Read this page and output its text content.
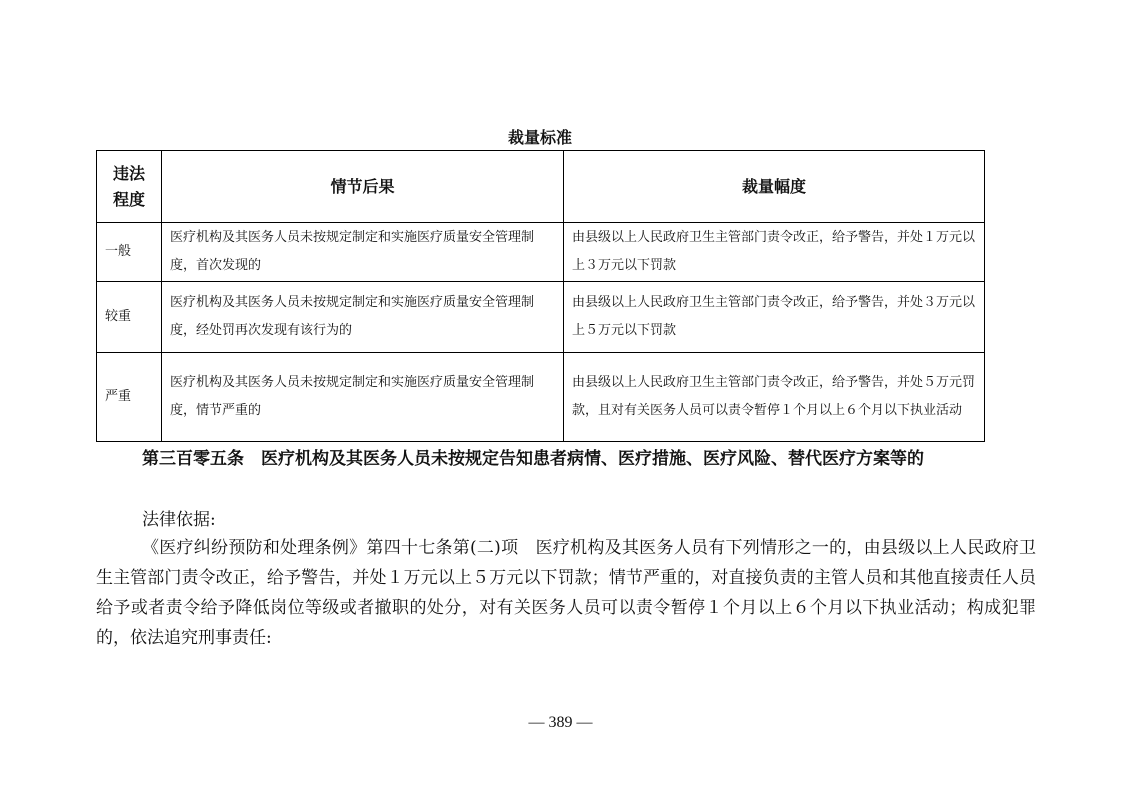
裁量标准
违法
程度	情节后果	裁量幅度
一般	医疗机构及其医务人员未按规定制定和实施医疗质量安全管理制度，首次发现的	由县级以上人民政府卫生主管部门责令改正，给予警告，并处１万元以上３万元以下罚款
较重	医疗机构及其医务人员未按规定制定和实施医疗质量安全管理制度，经处罚再次发现有该行为的	由县级以上人民政府卫生主管部门责令改正，给予警告，并处３万元以上５万元以下罚款
严重	医疗机构及其医务人员未按规定制定和实施医疗质量安全管理制度，情节严重的	由县级以上人民政府卫生主管部门责令改正，给予警告，并处５万元罚款，且对有关医务人员可以责令暂停１个月以上６个月以下执业活动
第三百零五条　医疗机构及其医务人员未按规定告知患者病情、医疗措施、医疗风险、替代医疗方案等的
法律依据:
《医疗纠纷预防和处理条例》第四十七条第(二)项　医疗机构及其医务人员有下列情形之一的，由县级以上人民政府卫生主管部门责令改正，给予警告，并处１万元以上５万元以下罚款；情节严重的，对直接负责的主管人员和其他直接责任人员给予或者责令给予降低岗位等级或者撤职的处分，对有关医务人员可以责令暂停１个月以上６个月以下执业活动；构成犯罪的，依法追究刑事责任:
— 389 —
